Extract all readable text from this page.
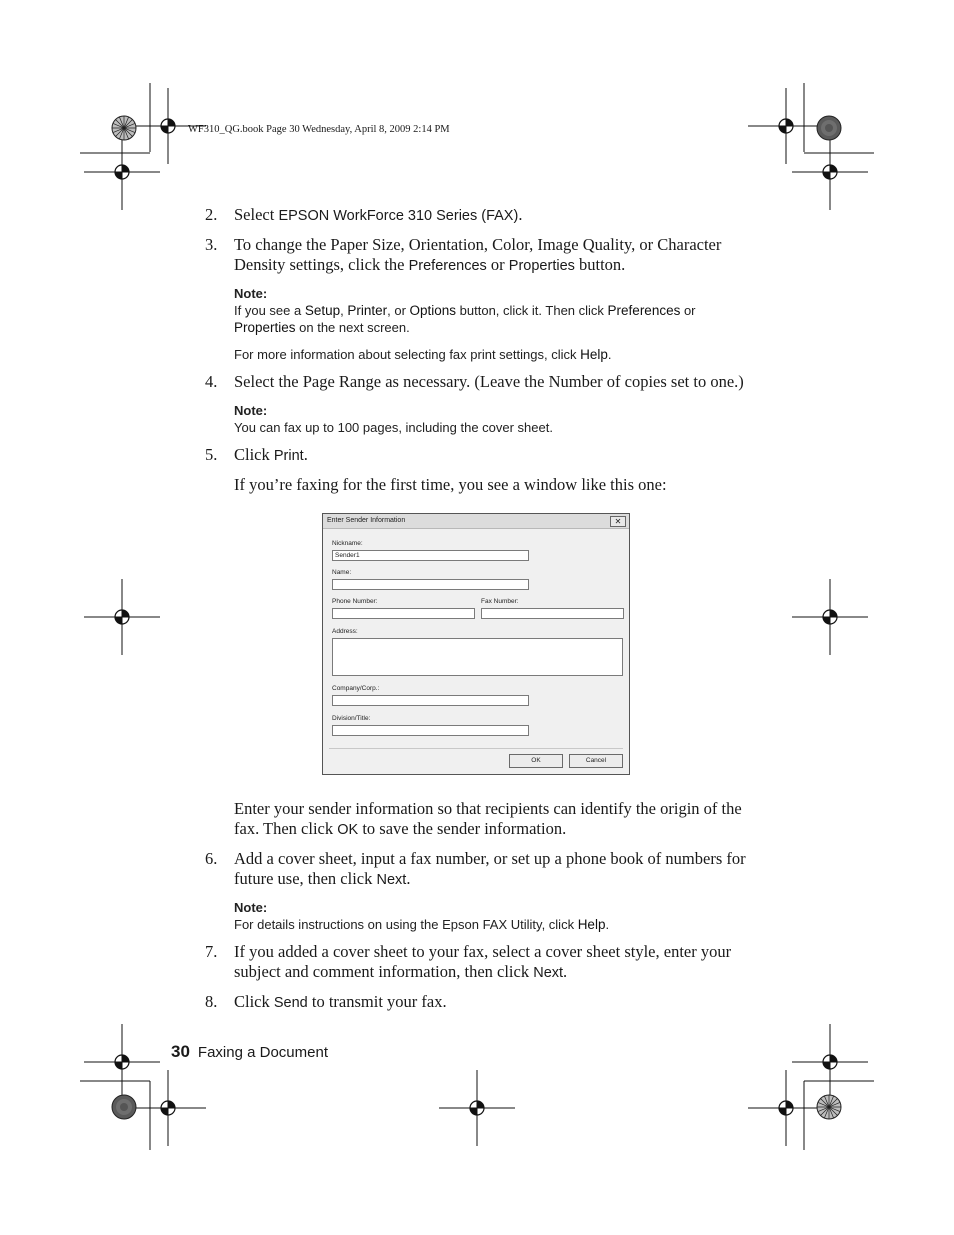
WF310_QG.book Page 30 Wednesday, April 8, 2009 2:14 PM
2.	Select EPSON WorkForce 310 Series (FAX).
3.	To change the Paper Size, Orientation, Color, Image Quality, or Character Density settings, click the Preferences or Properties button.
Note:
If you see a Setup, Printer, or Options button, click it. Then click Preferences or Properties on the next screen.
For more information about selecting fax print settings, click Help.
4.	Select the Page Range as necessary. (Leave the Number of copies set to one.)
Note:
You can fax up to 100 pages, including the cover sheet.
5.	Click Print.
If you’re faxing for the first time, you see a window like this one:
Enter Sender Information	✕
Nickname:
Sender1
Name:
Phone Number:	Fax Number:
Address:
Company/Corp.:
Division/Title:
OK	Cancel
Enter your sender information so that recipients can identify the origin of the fax. Then click OK to save the sender information.
6.	Add a cover sheet, input a fax number, or set up a phone book of numbers for future use, then click Next.
Note:
For details instructions on using the Epson FAX Utility, click Help.
7.	If you added a cover sheet to your fax, select a cover sheet style, enter your subject and comment information, then click Next.
8.	Click Send to transmit your fax.
30 Faxing a Document
